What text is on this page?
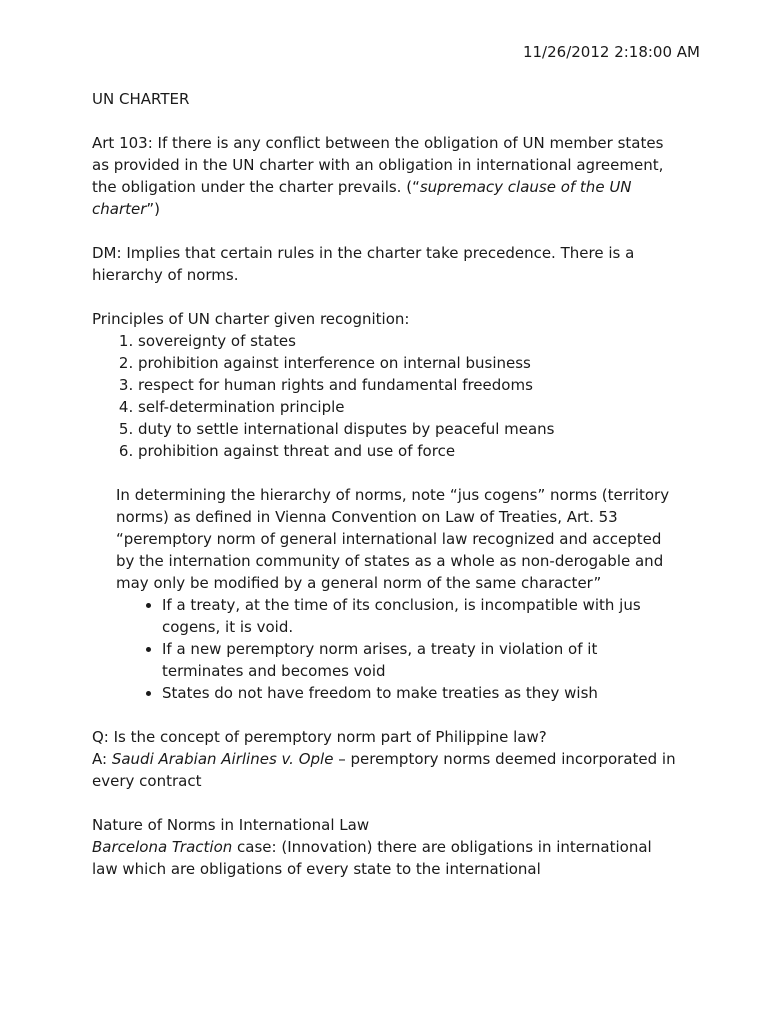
11/26/2012 2:18:00 AM

UN CHARTER

Art 103: If there is any conflict between the obligation of UN member states as provided in the UN charter with an obligation in international agreement, the obligation under the charter prevails. (“supremacy clause of the UN charter”)

DM: Implies that certain rules in the charter take precedence. There is a hierarchy of norms.

Principles of UN charter given recognition:

1. sovereignty of states
2. prohibition against interference on internal business
3. respect for human rights and fundamental freedoms
4. self-determination principle
5. duty to settle international disputes by peaceful means
6. prohibition against threat and use of force

In determining the hierarchy of norms, note “jus cogens” norms (territory norms) as defined in Vienna Convention on Law of Treaties, Art. 53 “peremptory norm of general international law recognized and accepted by the internation community of states as a whole as non-derogable and may only be modified by a general norm of the same character”

• If a treaty, at the time of its conclusion, is incompatible with jus cogens, it is void.
• If a new peremptory norm arises, a treaty in violation of it terminates and becomes void
• States do not have freedom to make treaties as they wish

Q: Is the concept of peremptory norm part of Philippine law?
A: Saudi Arabian Airlines v. Ople – peremptory norms deemed incorporated in every contract

Nature of Norms in International Law
Barcelona Traction case: (Innovation) there are obligations in international law which are obligations of every state to the international
